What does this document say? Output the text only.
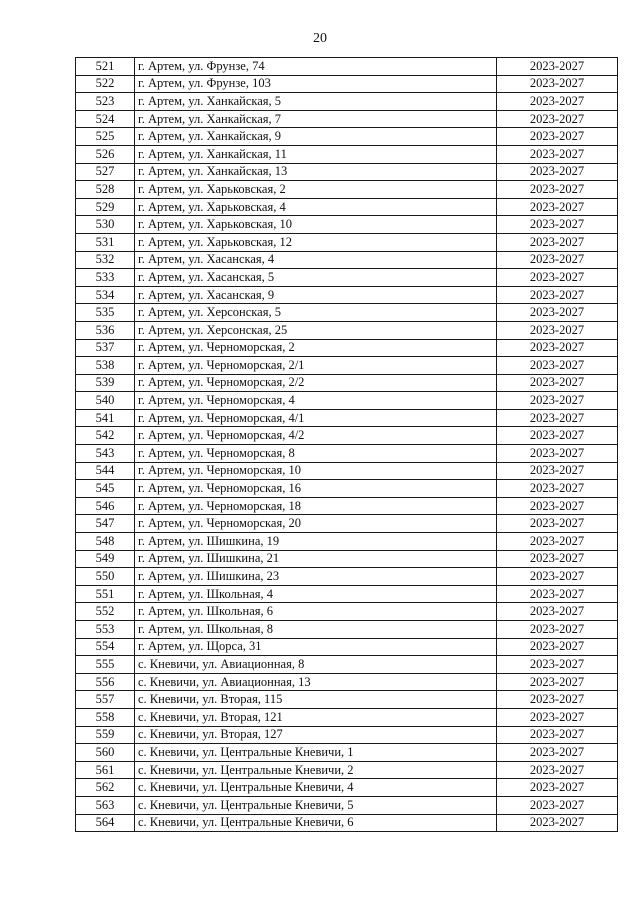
20
521	г. Артем, ул. Фрунзе, 74	2023-2027
522	г. Артем, ул. Фрунзе, 103	2023-2027
523	г. Артем, ул. Ханкайская, 5	2023-2027
524	г. Артем, ул. Ханкайская, 7	2023-2027
525	г. Артем, ул. Ханкайская, 9	2023-2027
526	г. Артем, ул. Ханкайская, 11	2023-2027
527	г. Артем, ул. Ханкайская, 13	2023-2027
528	г. Артем, ул. Харьковская, 2	2023-2027
529	г. Артем, ул. Харьковская, 4	2023-2027
530	г. Артем, ул. Харьковская, 10	2023-2027
531	г. Артем, ул. Харьковская, 12	2023-2027
532	г. Артем, ул. Хасанская, 4	2023-2027
533	г. Артем, ул. Хасанская, 5	2023-2027
534	г. Артем, ул. Хасанская, 9	2023-2027
535	г. Артем, ул. Херсонская, 5	2023-2027
536	г. Артем, ул. Херсонская, 25	2023-2027
537	г. Артем, ул. Черноморская, 2	2023-2027
538	г. Артем, ул. Черноморская, 2/1	2023-2027
539	г. Артем, ул. Черноморская, 2/2	2023-2027
540	г. Артем, ул. Черноморская, 4	2023-2027
541	г. Артем, ул. Черноморская, 4/1	2023-2027
542	г. Артем, ул. Черноморская, 4/2	2023-2027
543	г. Артем, ул. Черноморская, 8	2023-2027
544	г. Артем, ул. Черноморская, 10	2023-2027
545	г. Артем, ул. Черноморская, 16	2023-2027
546	г. Артем, ул. Черноморская, 18	2023-2027
547	г. Артем, ул. Черноморская, 20	2023-2027
548	г. Артем, ул. Шишкина, 19	2023-2027
549	г. Артем, ул. Шишкина, 21	2023-2027
550	г. Артем, ул. Шишкина, 23	2023-2027
551	г. Артем, ул. Школьная, 4	2023-2027
552	г. Артем, ул. Школьная, 6	2023-2027
553	г. Артем, ул. Школьная, 8	2023-2027
554	г. Артем, ул. Щорса, 31	2023-2027
555	с. Кневичи, ул. Авиационная, 8	2023-2027
556	с. Кневичи, ул. Авиационная, 13	2023-2027
557	с. Кневичи, ул. Вторая, 115	2023-2027
558	с. Кневичи, ул. Вторая, 121	2023-2027
559	с. Кневичи, ул. Вторая, 127	2023-2027
560	с. Кневичи, ул. Центральные Кневичи, 1	2023-2027
561	с. Кневичи, ул. Центральные Кневичи, 2	2023-2027
562	с. Кневичи, ул. Центральные Кневичи, 4	2023-2027
563	с. Кневичи, ул. Центральные Кневичи, 5	2023-2027
564	с. Кневичи, ул. Центральные Кневичи, 6	2023-2027
